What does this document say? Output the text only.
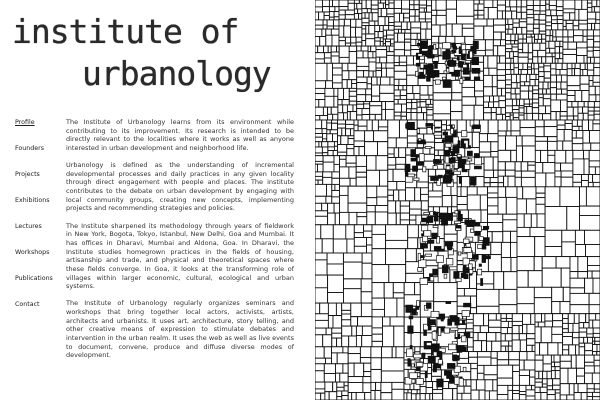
institute of
urbanology
Profile
Founders
Projects
Exhibitions
Lectures
Workshops
Publications
Contact

The Institute of Urbanology learns from its environment while contributing to its improvement. Its research is intended to be directly relevant to the localities where it works as well as anyone interested in urban development and neighborhood life.

Urbanology is defined as the understanding of incremental developmental processes and daily practices in any given locality through direct engagement with people and places. The institute contributes to the debate on urban development by engaging with local community groups, creating new concepts, implementing projects and recommending strategies and policies.

The Institute sharpened its methodology through years of fieldwork in New York, Bogota, Tokyo, Istanbul, New Delhi, Goa and Mumbai. It has offices in Dharavi, Mumbai and Aldona, Goa. In Dharavi, the Institute studies homegrown practices in the fields of housing, artisanship and trade, and physical and theoretical spaces where these fields converge. In Goa, it looks at the transforming role of villages within larger economic, cultural, ecological and urban systems.

The Institute of Urbanology regularly organizes seminars and workshops that bring together local actors, activists, artists, architects and urbanists. It uses art, architecture, story telling, and other creative means of expression to stimulate debates and intervention in the urban realm. It uses the web as well as live events to document, convene, produce and diffuse diverse modes of development.
